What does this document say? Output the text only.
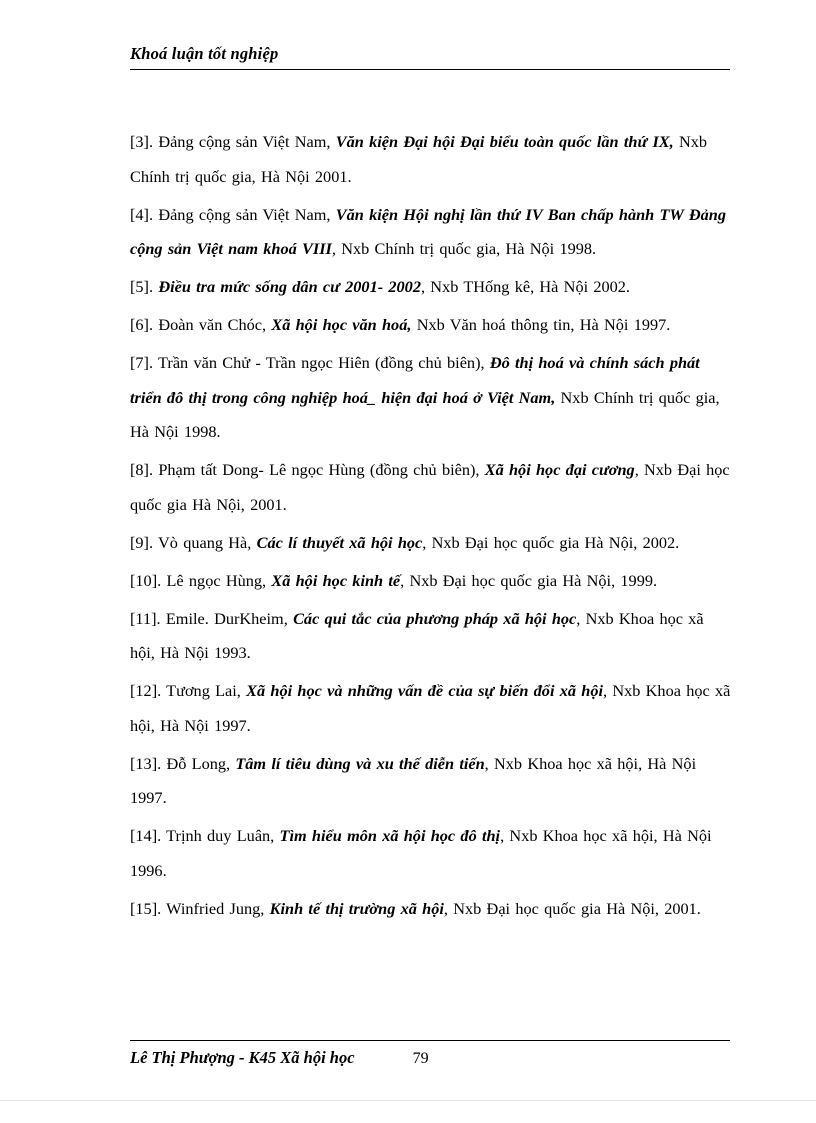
Khoá luận tốt nghiệp

[3]. Đảng cộng sản Việt Nam, Văn kiện Đại hội Đại biểu toàn quốc lần thứ IX, Nxb Chính trị quốc gia, Hà Nội 2001.

[4]. Đảng cộng sản Việt Nam, Văn kiện Hội nghị lần thứ IV Ban chấp hành TW Đảng cộng sản Việt nam khoá VIII, Nxb Chính trị quốc gia, Hà Nội 1998.

[5]. Điều tra mức sống dân cư 2001- 2002, Nxb THống kê, Hà Nội 2002.

[6]. Đoàn văn Chóc, Xã hội học văn hoá, Nxb Văn hoá thông tin, Hà Nội 1997.

[7]. Trần văn Chử - Trần ngọc Hiên (đồng chủ biên), Đô thị hoá và chính sách phát triển đô thị trong công nghiệp hoá_ hiện đại hoá ở Việt Nam, Nxb Chính trị quốc gia, Hà Nội 1998.

[8]. Phạm tất Dong- Lê ngọc Hùng (đồng chủ biên), Xã hội học đại cương, Nxb Đại học quốc gia Hà Nội, 2001.

[9]. Vò quang Hà, Các lí thuyết xã hội học, Nxb Đại học quốc gia Hà Nội, 2002.

[10]. Lê ngọc Hùng, Xã hội học kinh tế, Nxb Đại học quốc gia Hà Nội, 1999.

[11]. Emile. DurKheim, Các qui tắc của phương pháp xã hội học, Nxb Khoa học xã hội, Hà Nội 1993.

[12]. Tương Lai, Xã hội học và những vấn đề của sự biến đổi xã hội, Nxb Khoa học xã hội, Hà Nội 1997.

[13]. Đỗ Long, Tâm lí tiêu dùng và xu thế diễn tiến, Nxb Khoa học xã hội, Hà Nội 1997.

[14]. Trịnh duy Luân, Tìm hiểu môn xã hội học đô thị, Nxb Khoa học xã hội, Hà Nội 1996.

[15]. Winfried Jung, Kinh tế thị trường xã hội, Nxb Đại học quốc gia Hà Nội, 2001.

Lê Thị Phượng - K45 Xã hội học	79
